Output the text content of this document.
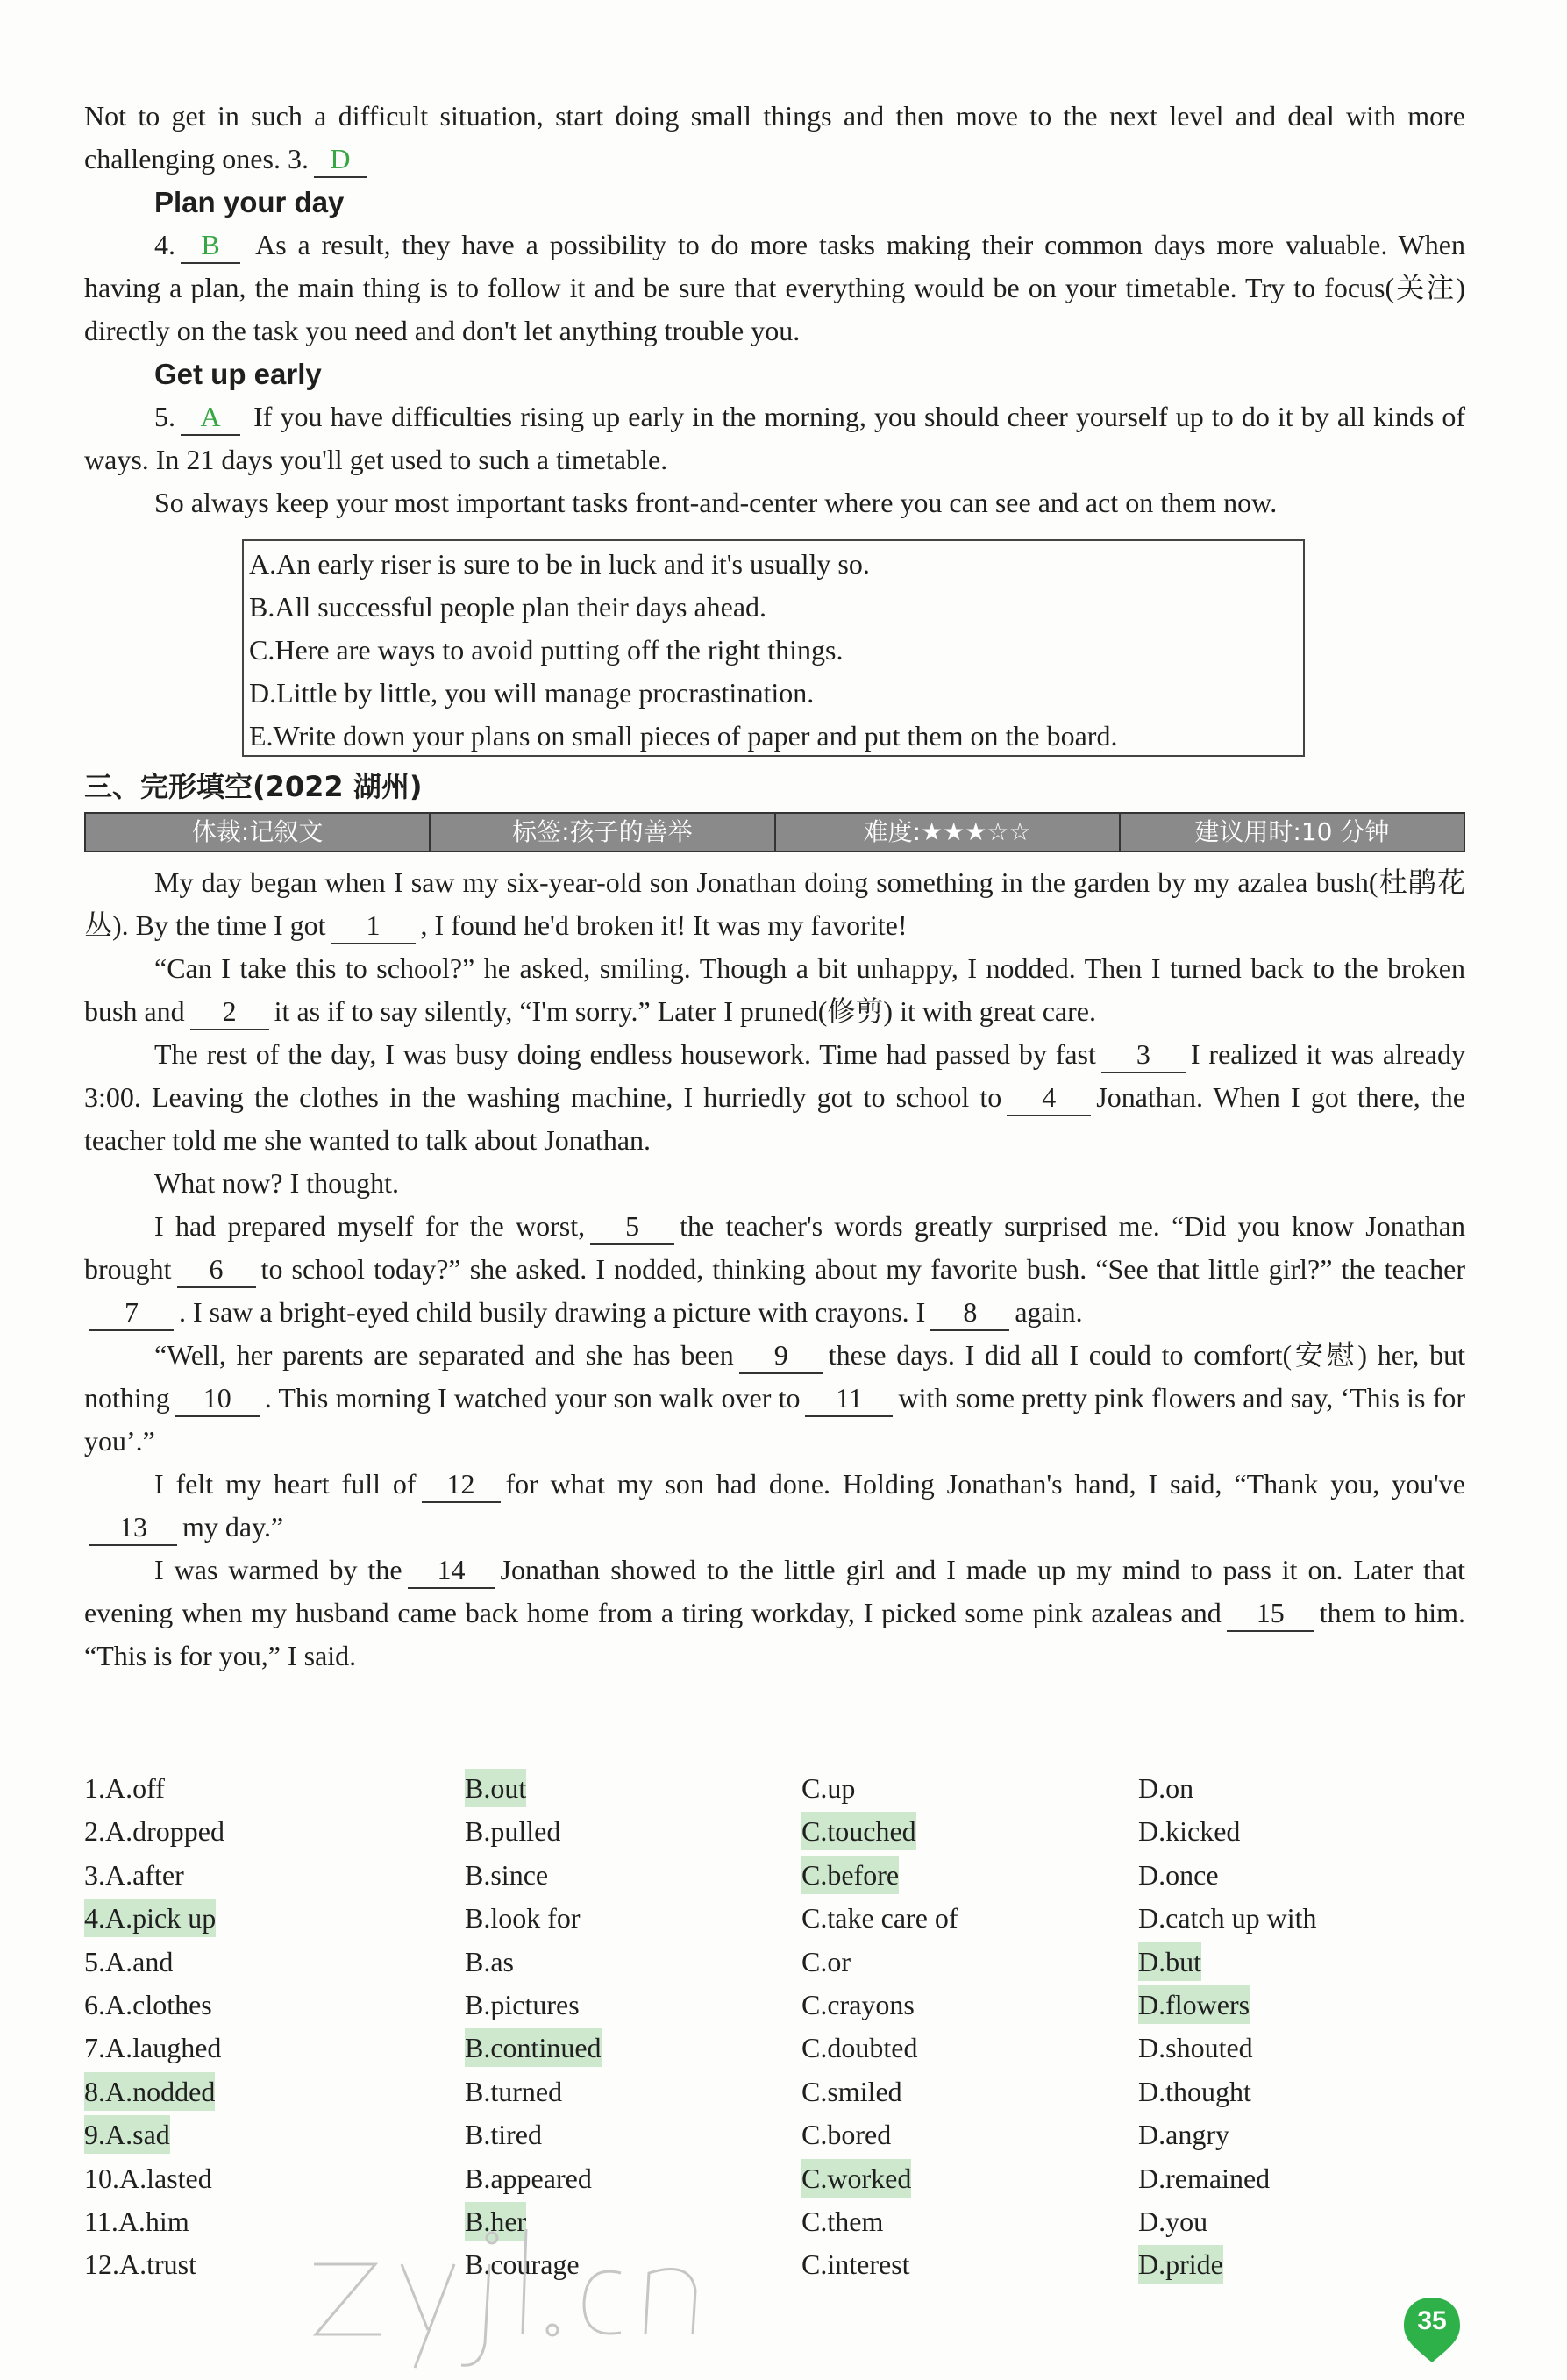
Not to get in such a difficult situation, start doing small things and then move to the next level and deal with more challenging ones. 3. D

Plan your day

4. B As a result, they have a possibility to do more tasks making their common days more valuable. When having a plan, the main thing is to follow it and be sure that everything would be on your timetable. Try to focus(关注) directly on the task you need and don't let anything trouble you.

Get up early

5. A If you have difficulties rising up early in the morning, you should cheer yourself up to do it by all kinds of ways. In 21 days you'll get used to such a timetable.

So always keep your most important tasks front-and-center where you can see and act on them now.

A.An early riser is sure to be in luck and it's usually so.
B.All successful people plan their days ahead.
C.Here are ways to avoid putting off the right things.
D.Little by little, you will manage procrastination.
E.Write down your plans on small pieces of paper and put them on the board.
三、完形填空(2022 湖州)
体裁:记叙文	标签:孩子的善举	难度:★★★☆☆	建议用时:10 分钟

My day began when I saw my six-year-old son Jonathan doing something in the garden by my azalea bush(杜鹃花丛). By the time I got 1 , I found he'd broken it! It was my favorite!

“Can I take this to school?” he asked, smiling. Though a bit unhappy, I nodded. Then I turned back to the broken bush and 2 it as if to say silently, “I'm sorry.” Later I pruned(修剪) it with great care.

The rest of the day, I was busy doing endless housework. Time had passed by fast 3 I realized it was already 3:00. Leaving the clothes in the washing machine, I hurriedly got to school to 4 Jonathan. When I got there, the teacher told me she wanted to talk about Jonathan.

What now? I thought.

I had prepared myself for the worst, 5 the teacher's words greatly surprised me. “Did you know Jonathan brought 6 to school today?” she asked. I nodded, thinking about my favorite bush. “See that little girl?” the teacher7 . I saw a bright-eyed child busily drawing a picture with crayons. I 8 again.

“Well, her parents are separated and she has been 9 these days. I did all I could to comfort(安慰) her, but nothing 10 . This morning I watched your son walk over to 11 with some pretty pink flowers and say, ‘This is for you’.”

I felt my heart full of 12 for what my son had done. Holding Jonathan's hand, I said, “Thank you, you've13 my day.”

I was warmed by the 14 Jonathan showed to the little girl and I made up my mind to pass it on. Later that evening when my husband came back home from a tiring workday, I picked some pink azaleas and 15 them to him. “This is for you,” I said.

1.A.off	B.out	C.up	D.on
2.A.dropped	B.pulled	C.touched	D.kicked
3.A.after	B.since	C.before	D.once
4.A.pick up	B.look for	C.take care of	D.catch up with
5.A.and	B.as	C.or	D.but
6.A.clothes	B.pictures	C.crayons	D.flowers
7.A.laughed	B.continued	C.doubted	D.shouted
8.A.nodded	B.turned	C.smiled	D.thought
9.A.sad	B.tired	C.bored	D.angry
10.A.lasted	B.appeared	C.worked	D.remained
11.A.him	B.her	C.them	D.you
12.A.trust	B.courage	C.interest	D.pride
35
